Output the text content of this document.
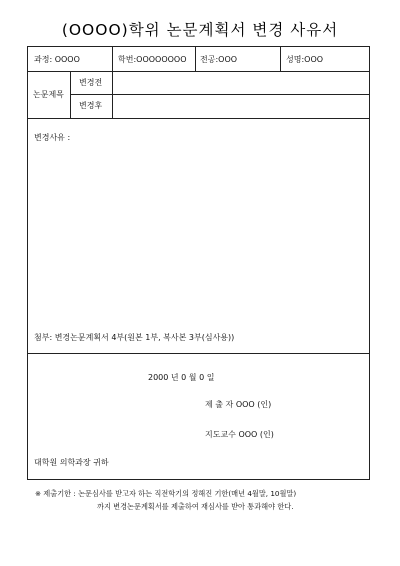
(OOOO)학위 논문계획서 변경 사유서
과정: OOOO	학번:OOOOOOOO 전공:OOO	성명:OOO
논문제목
변경전
변경후
변경사유 :
첨부: 변경논문계획서 4부(원본 1부, 복사본 3부(심사용))
2000 년 0 월 0 일
제 출 자 OOO (인)
지도교수 OOO (인)
대학원 의학과장 귀하
※ 제출기한 : 논문심사를 받고자 하는 직전학기의 정해진 기한(매년 4월말, 10월말)
까지 변경논문계획서를 제출하여 재심사를 받아 통과해야 한다.
